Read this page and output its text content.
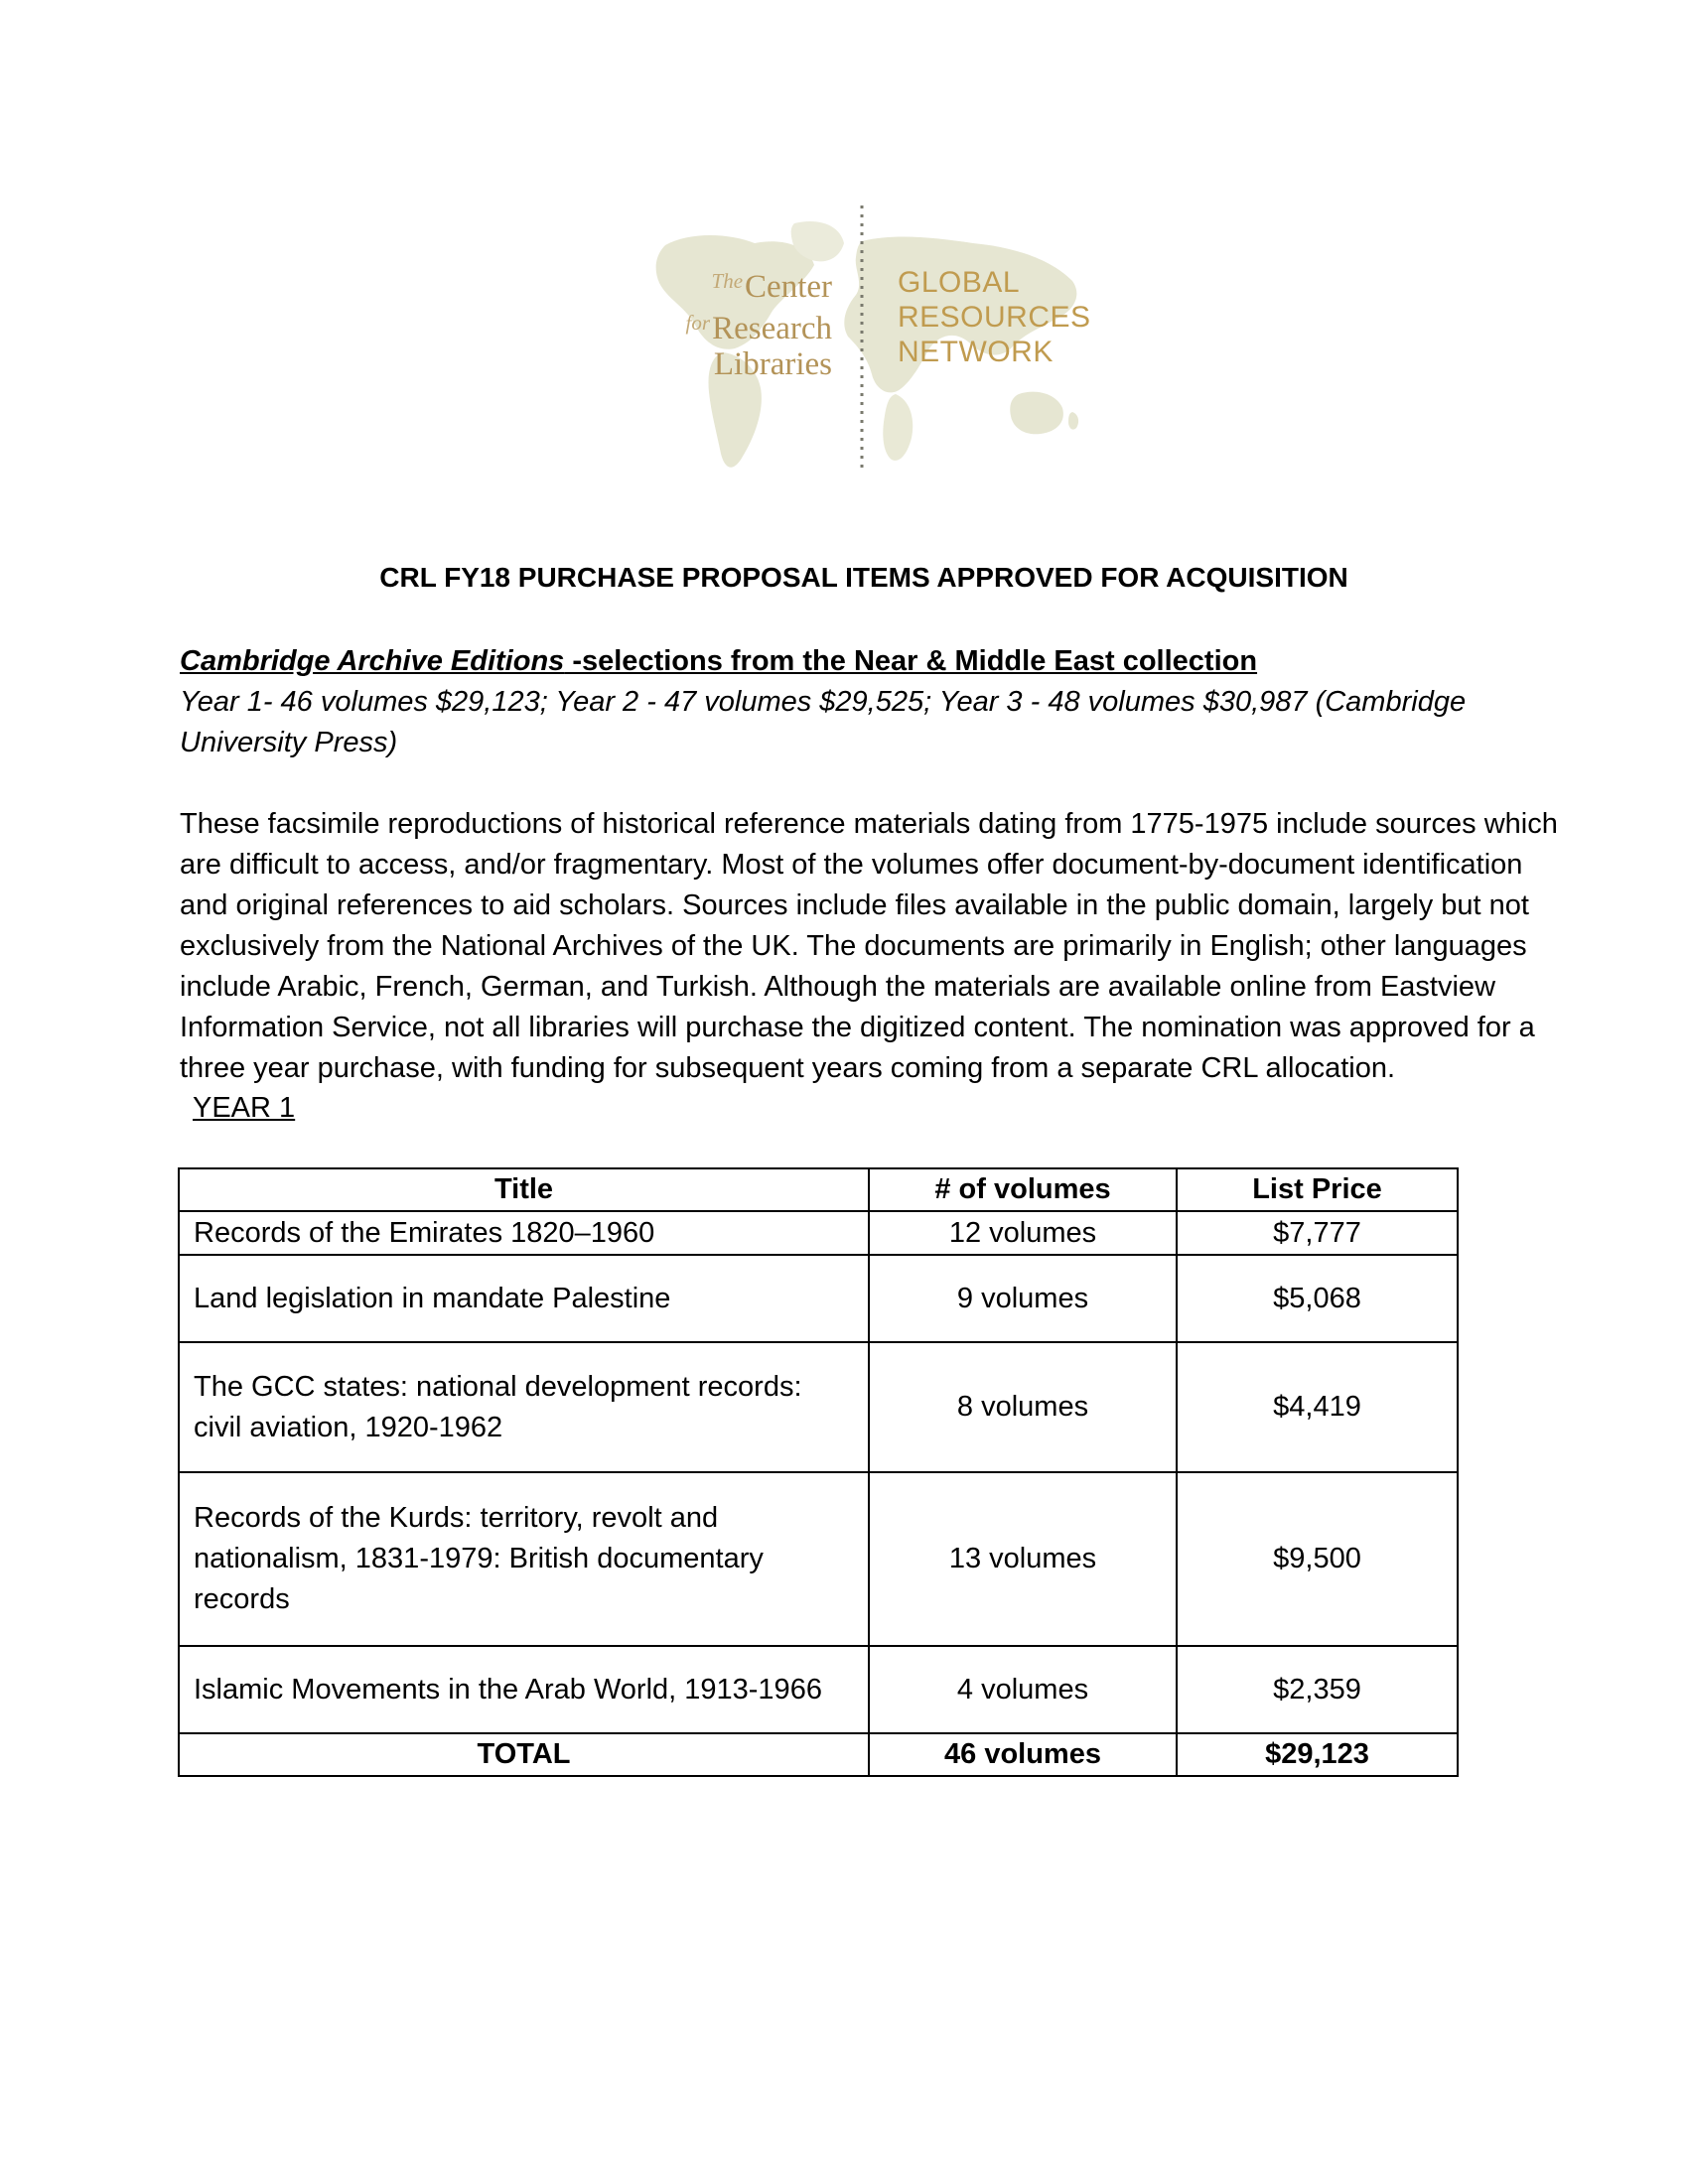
$^{The}$Center
$^{for}$Research
Libraries
GLOBAL
RESOURCES
NETWORK
CRL FY18 PURCHASE PROPOSAL ITEMS APPROVED FOR ACQUISITION

Cambridge Archive Editions -selections from the Near & Middle East collection

Year 1- 46 volumes $29,123; Year 2 - 47 volumes $29,525; Year 3 - 48 volumes $30,987 (Cambridge University Press)

These facsimile reproductions of historical reference materials dating from 1775-1975 include sources which are difficult to access, and/or fragmentary. Most of the volumes offer document-by-document identification and original references to aid scholars. Sources include files available in the public domain, largely but not exclusively from the National Archives of the UK. The documents are primarily in English; other languages include Arabic, French, German, and Turkish. Although the materials are available online from Eastview Information Service, not all libraries will purchase the digitized content. The nomination was approved for a three year purchase, with funding for subsequent years coming from a separate CRL allocation.

YEAR 1

Title	# of volumes	List Price
Records of the Emirates 1820–1960	12 volumes	$7,777
Land legislation in mandate Palestine	9 volumes	$5,068
The GCC states: national development records: civil aviation, 1920-1962	8 volumes	$4,419
Records of the Kurds: territory, revolt and nationalism, 1831-1979: British documentary records	13 volumes	$9,500
Islamic Movements in the Arab World, 1913-1966	4 volumes	$2,359
TOTAL	46 volumes	$29,123
